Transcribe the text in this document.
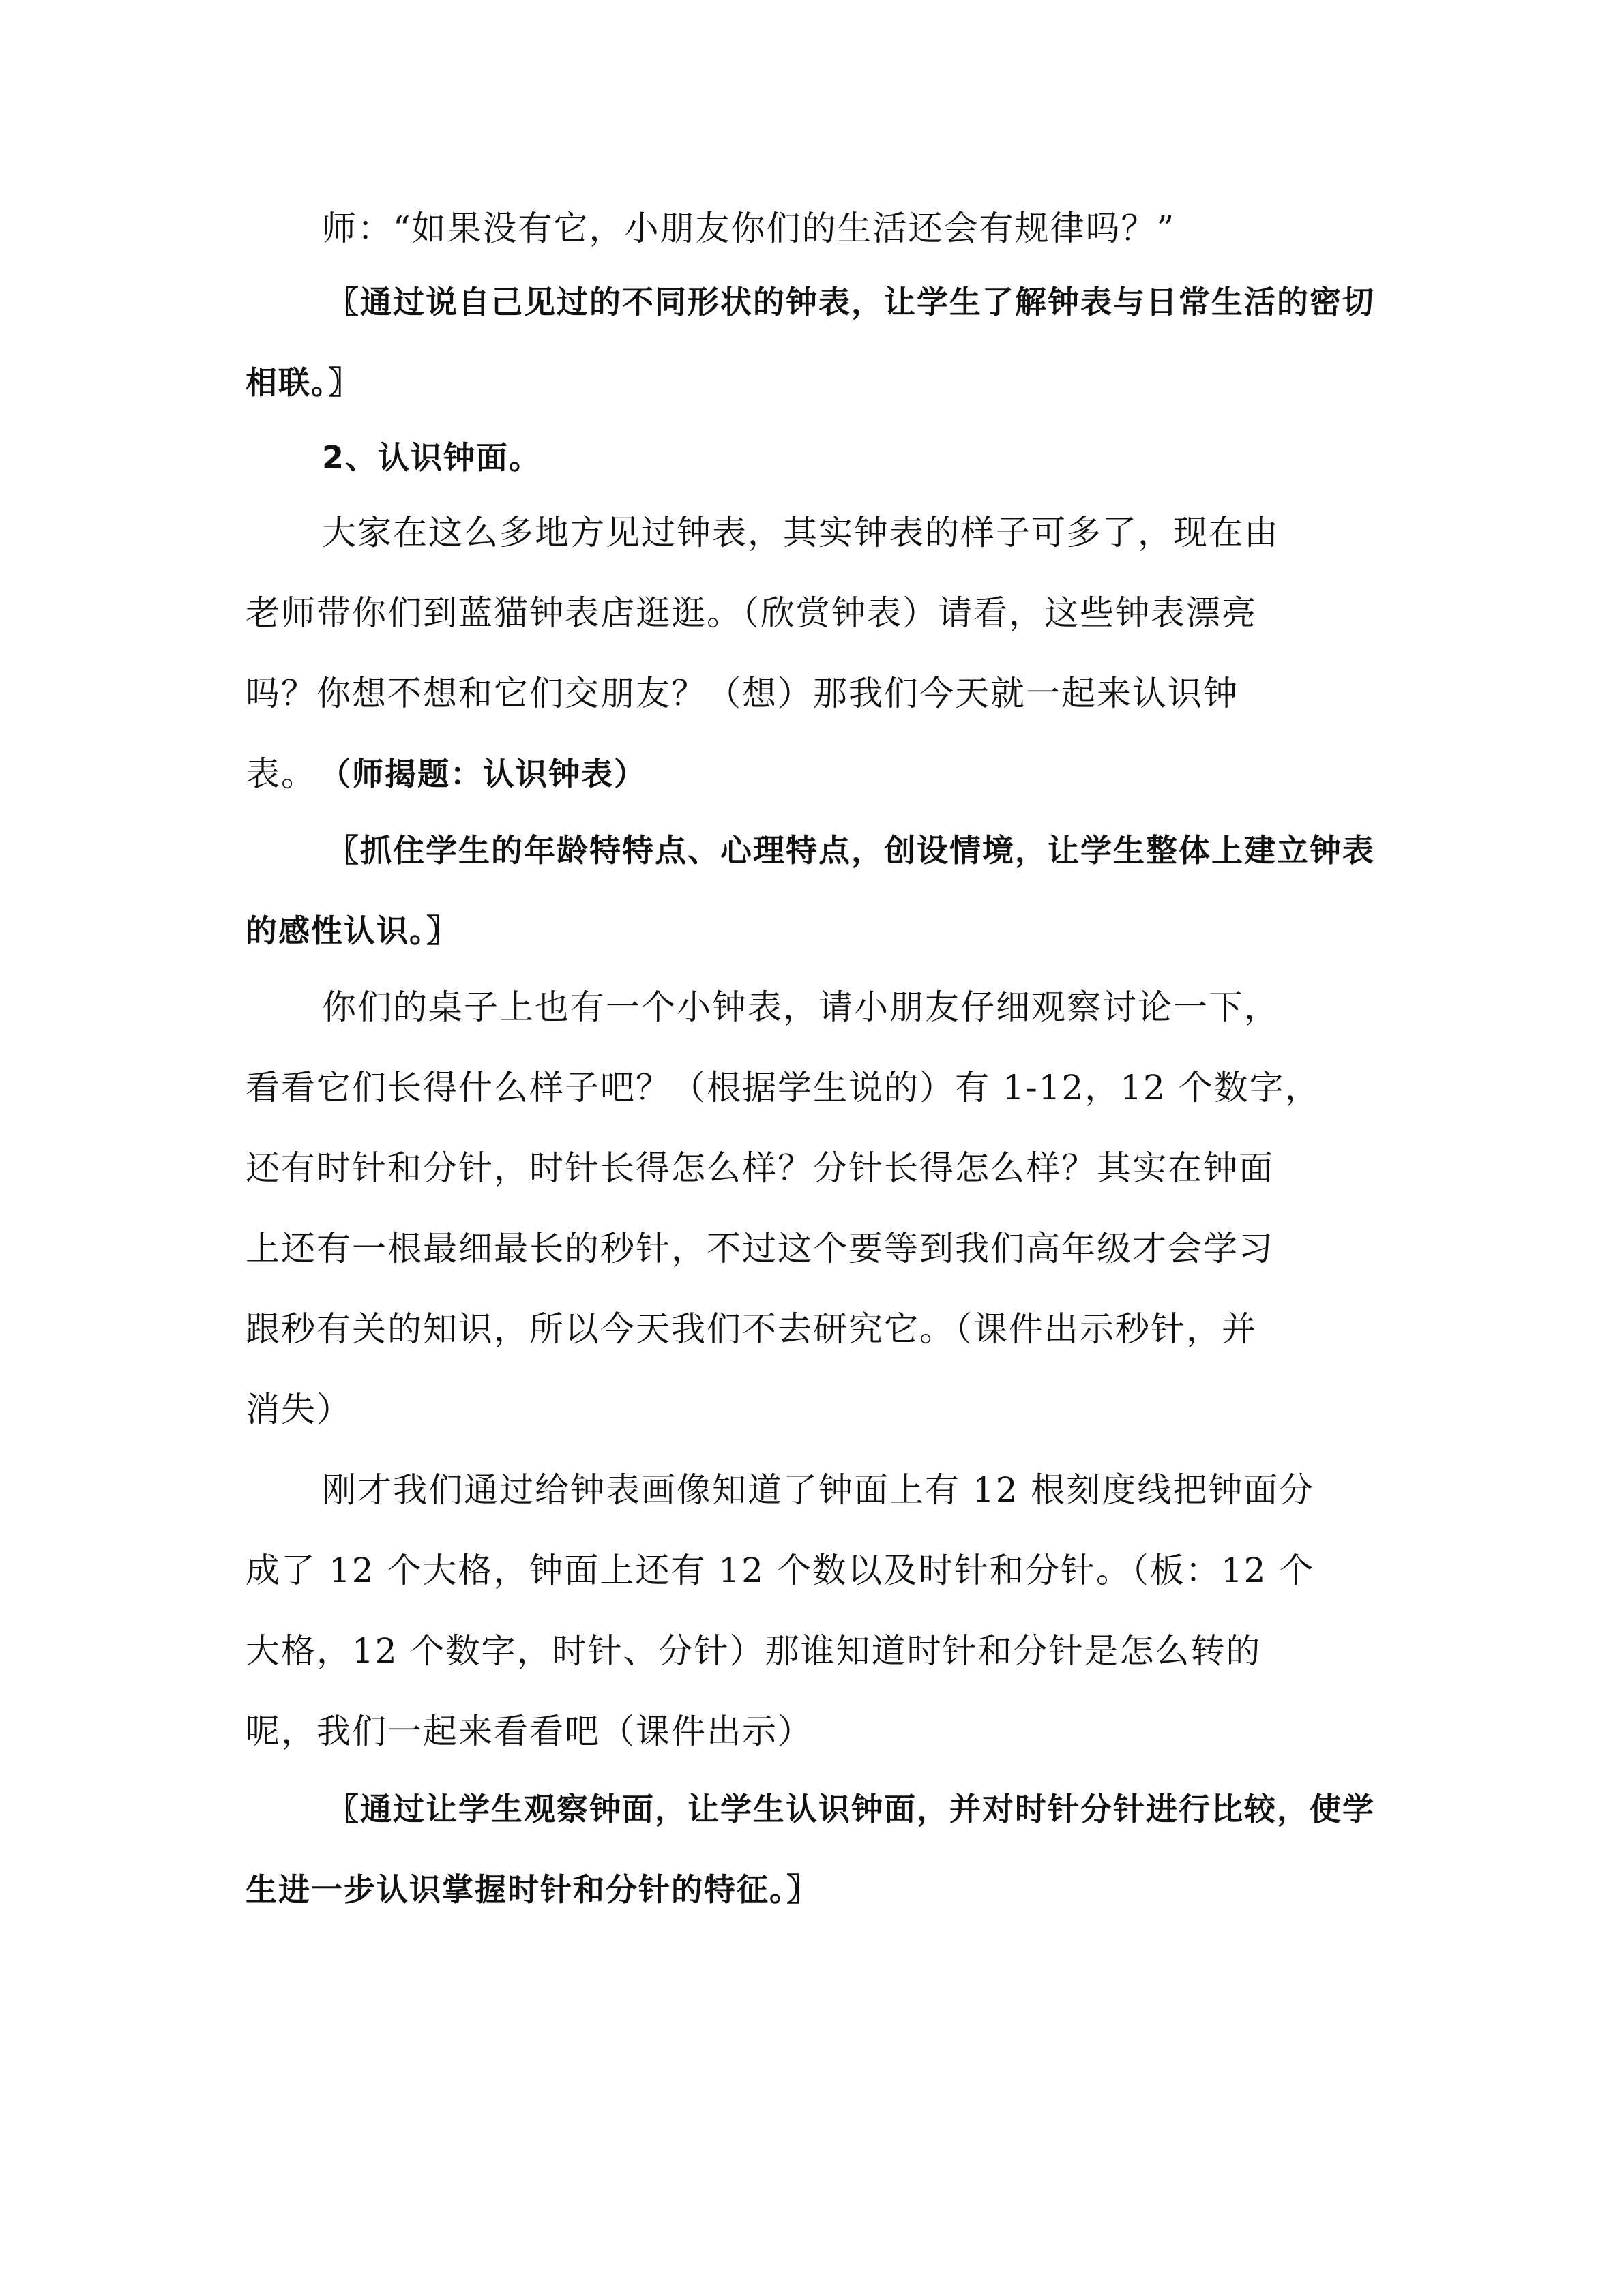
师：“如果没有它，小朋友你们的生活还会有规律吗？”
〖通过说自己见过的不同形状的钟表，让学生了解钟表与日常生活的密切
相联。〗
2、认识钟面。
大家在这么多地方见过钟表，其实钟表的样子可多了，现在由
老师带你们到蓝猫钟表店逛逛。（欣赏钟表）请看，这些钟表漂亮
吗？你想不想和它们交朋友？（想）那我们今天就一起来认识钟
表。 （师揭题：认识钟表）
〖抓住学生的年龄特特点、心理特点，创设情境，让学生整体上建立钟表
的感性认识。〗
你们的桌子上也有一个小钟表，请小朋友仔细观察讨论一下，
看看它们长得什么样子吧？（根据学生说的）有 1-12，12 个数字，
还有时针和分针，时针长得怎么样？分针长得怎么样？其实在钟面
上还有一根最细最长的秒针，不过这个要等到我们高年级才会学习
跟秒有关的知识，所以今天我们不去研究它。（课件出示秒针，并
消失）
刚才我们通过给钟表画像知道了钟面上有 12 根刻度线把钟面分
成了 12 个大格，钟面上还有 12 个数以及时针和分针。（板：12 个
大格，12 个数字，时针、分针）那谁知道时针和分针是怎么转的
呢，我们一起来看看吧（课件出示）
〖通过让学生观察钟面，让学生认识钟面，并对时针分针进行比较，使学
生进一步认识掌握时针和分针的特征。〗
